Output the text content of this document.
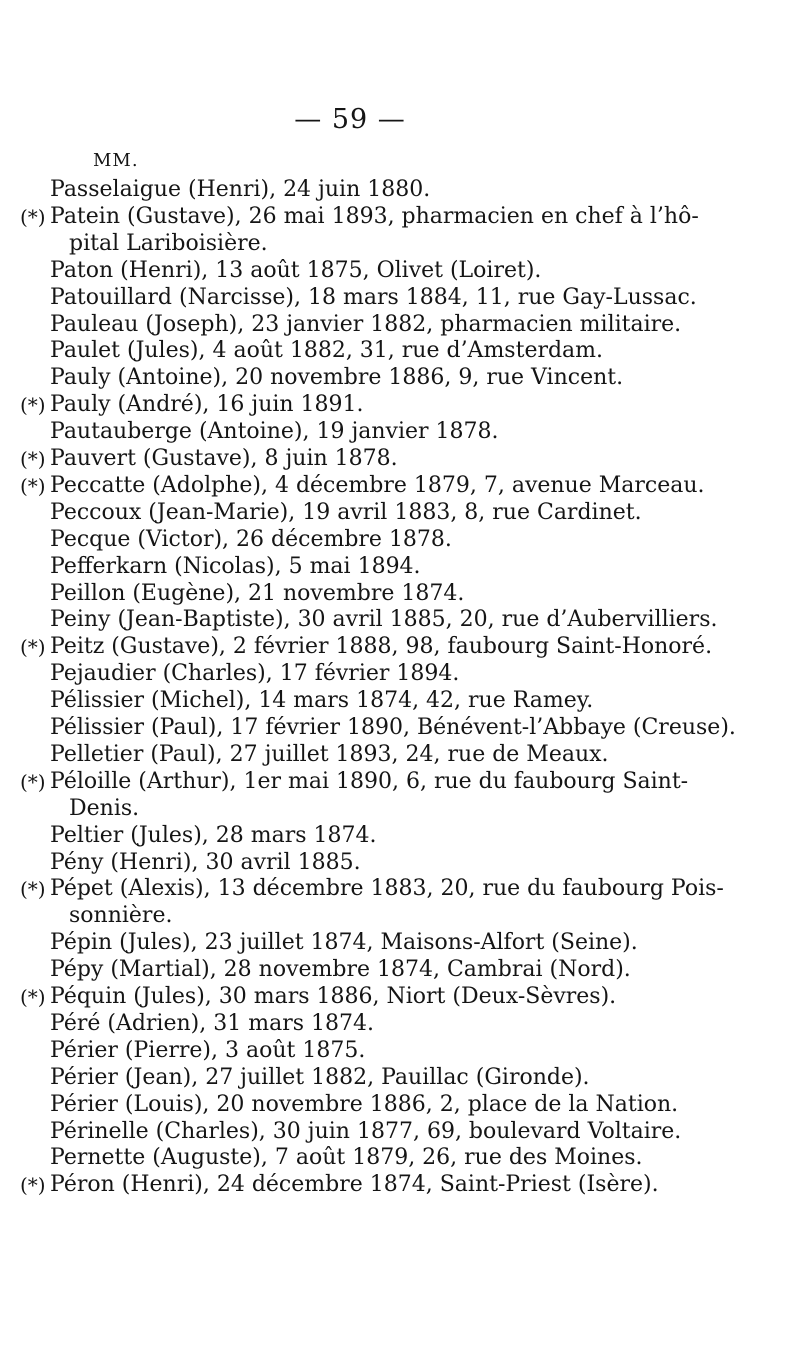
— 59 —
MM.
Passelaigue (Henri), 24 juin 1880.
(*) Patein (Gustave), 26 mai 1893, pharmacien en chef à l’hô-
pital Lariboisière.
Paton (Henri), 13 août 1875, Olivet (Loiret).
Patouillard (Narcisse), 18 mars 1884, 11, rue Gay-Lussac.
Pauleau (Joseph), 23 janvier 1882, pharmacien militaire.
Paulet (Jules), 4 août 1882, 31, rue d’Amsterdam.
Pauly (Antoine), 20 novembre 1886, 9, rue Vincent.
(*) Pauly (André), 16 juin 1891.
Pautauberge (Antoine), 19 janvier 1878.
(*) Pauvert (Gustave), 8 juin 1878.
(*) Peccatte (Adolphe), 4 décembre 1879, 7, avenue Marceau.
Peccoux (Jean-Marie), 19 avril 1883, 8, rue Cardinet.
Pecque (Victor), 26 décembre 1878.
Pefferkarn (Nicolas), 5 mai 1894.
Peillon (Eugène), 21 novembre 1874.
Peiny (Jean-Baptiste), 30 avril 1885, 20, rue d’Aubervilliers.
(*) Peitz (Gustave), 2 février 1888, 98, faubourg Saint-Honoré.
Pejaudier (Charles), 17 février 1894.
Pélissier (Michel), 14 mars 1874, 42, rue Ramey.
Pélissier (Paul), 17 février 1890, Bénévent-l’Abbaye (Creuse).
Pelletier (Paul), 27 juillet 1893, 24, rue de Meaux.
(*) Péloille (Arthur), 1er mai 1890, 6, rue du faubourg Saint-
Denis.
Peltier (Jules), 28 mars 1874.
Pény (Henri), 30 avril 1885.
(*) Pépet (Alexis), 13 décembre 1883, 20, rue du faubourg Pois-
sonnière.
Pépin (Jules), 23 juillet 1874, Maisons-Alfort (Seine).
Pépy (Martial), 28 novembre 1874, Cambrai (Nord).
(*) Péquin (Jules), 30 mars 1886, Niort (Deux-Sèvres).
Péré (Adrien), 31 mars 1874.
Périer (Pierre), 3 août 1875.
Périer (Jean), 27 juillet 1882, Pauillac (Gironde).
Périer (Louis), 20 novembre 1886, 2, place de la Nation.
Périnelle (Charles), 30 juin 1877, 69, boulevard Voltaire.
Pernette (Auguste), 7 août 1879, 26, rue des Moines.
(*) Péron (Henri), 24 décembre 1874, Saint-Priest (Isère).
